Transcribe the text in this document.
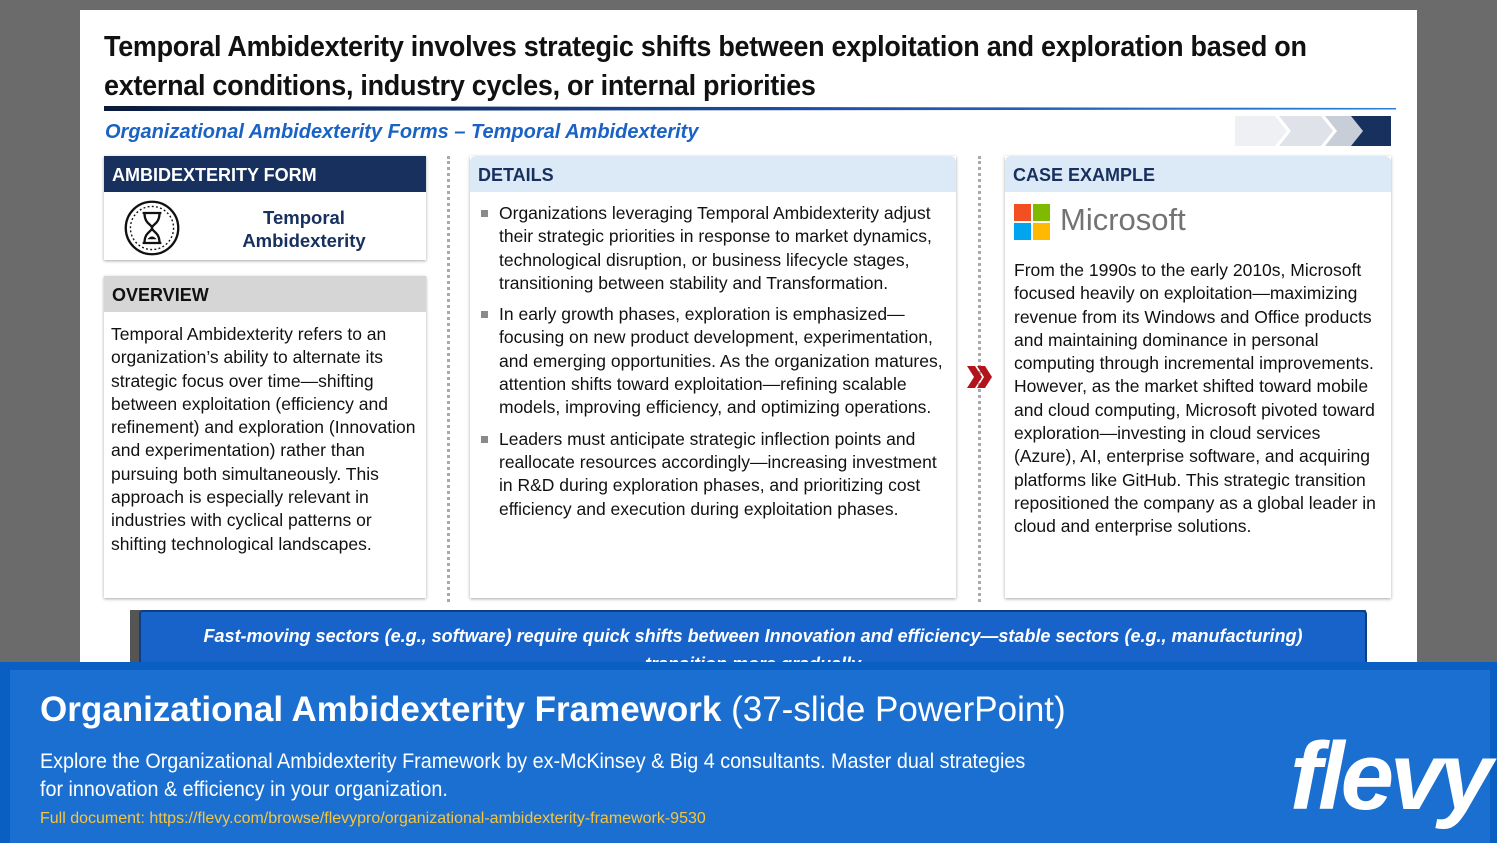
Temporal Ambidexterity involves strategic shifts between exploitation and exploration based on
external conditions, industry cycles, or internal priorities
Organizational Ambidexterity Forms – Temporal Ambidexterity
AMBIDEXTERITY FORM
Temporal
Ambidexterity
OVERVIEW
Temporal Ambidexterity refers to an organization’s ability to alternate its strategic focus over time—shifting between exploitation (efficiency and refinement) and exploration (Innovation and experimentation) rather than pursuing both simultaneously. This approach is especially relevant in industries with cyclical patterns or shifting technological landscapes.
DETAILS
Organizations leveraging Temporal Ambidexterity adjust their strategic priorities in response to market dynamics, technological disruption, or business lifecycle stages, transitioning between stability and Transformation.
In early growth phases, exploration is emphasized—focusing on new product development, experimentation, and emerging opportunities. As the organization matures, attention shifts toward exploitation—refining scalable models, improving efficiency, and optimizing operations.
Leaders must anticipate strategic inflection points and reallocate resources accordingly—increasing investment in R&D during exploration phases, and prioritizing cost efficiency and execution during exploitation phases.
CASE EXAMPLE
Microsoft
From the 1990s to the early 2010s, Microsoft focused heavily on exploitation—maximizing revenue from its Windows and Office products and maintaining dominance in personal computing through incremental improvements. However, as the market shifted toward mobile and cloud computing, Microsoft pivoted toward exploration—investing in cloud services (Azure), AI, enterprise software, and acquiring platforms like GitHub. This strategic transition repositioned the company as a global leader in cloud and enterprise solutions.
Fast-moving sectors (e.g., software) require quick shifts between Innovation and efficiency—stable sectors (e.g., manufacturing)
Organizational Ambidexterity Framework (37-slide PowerPoint)
Explore the Organizational Ambidexterity Framework by ex-McKinsey & Big 4 consultants. Master dual strategies for innovation & efficiency in your organization.
Full document: https://flevy.com/browse/flevypro/organizational-ambidexterity-framework-9530	flevy
